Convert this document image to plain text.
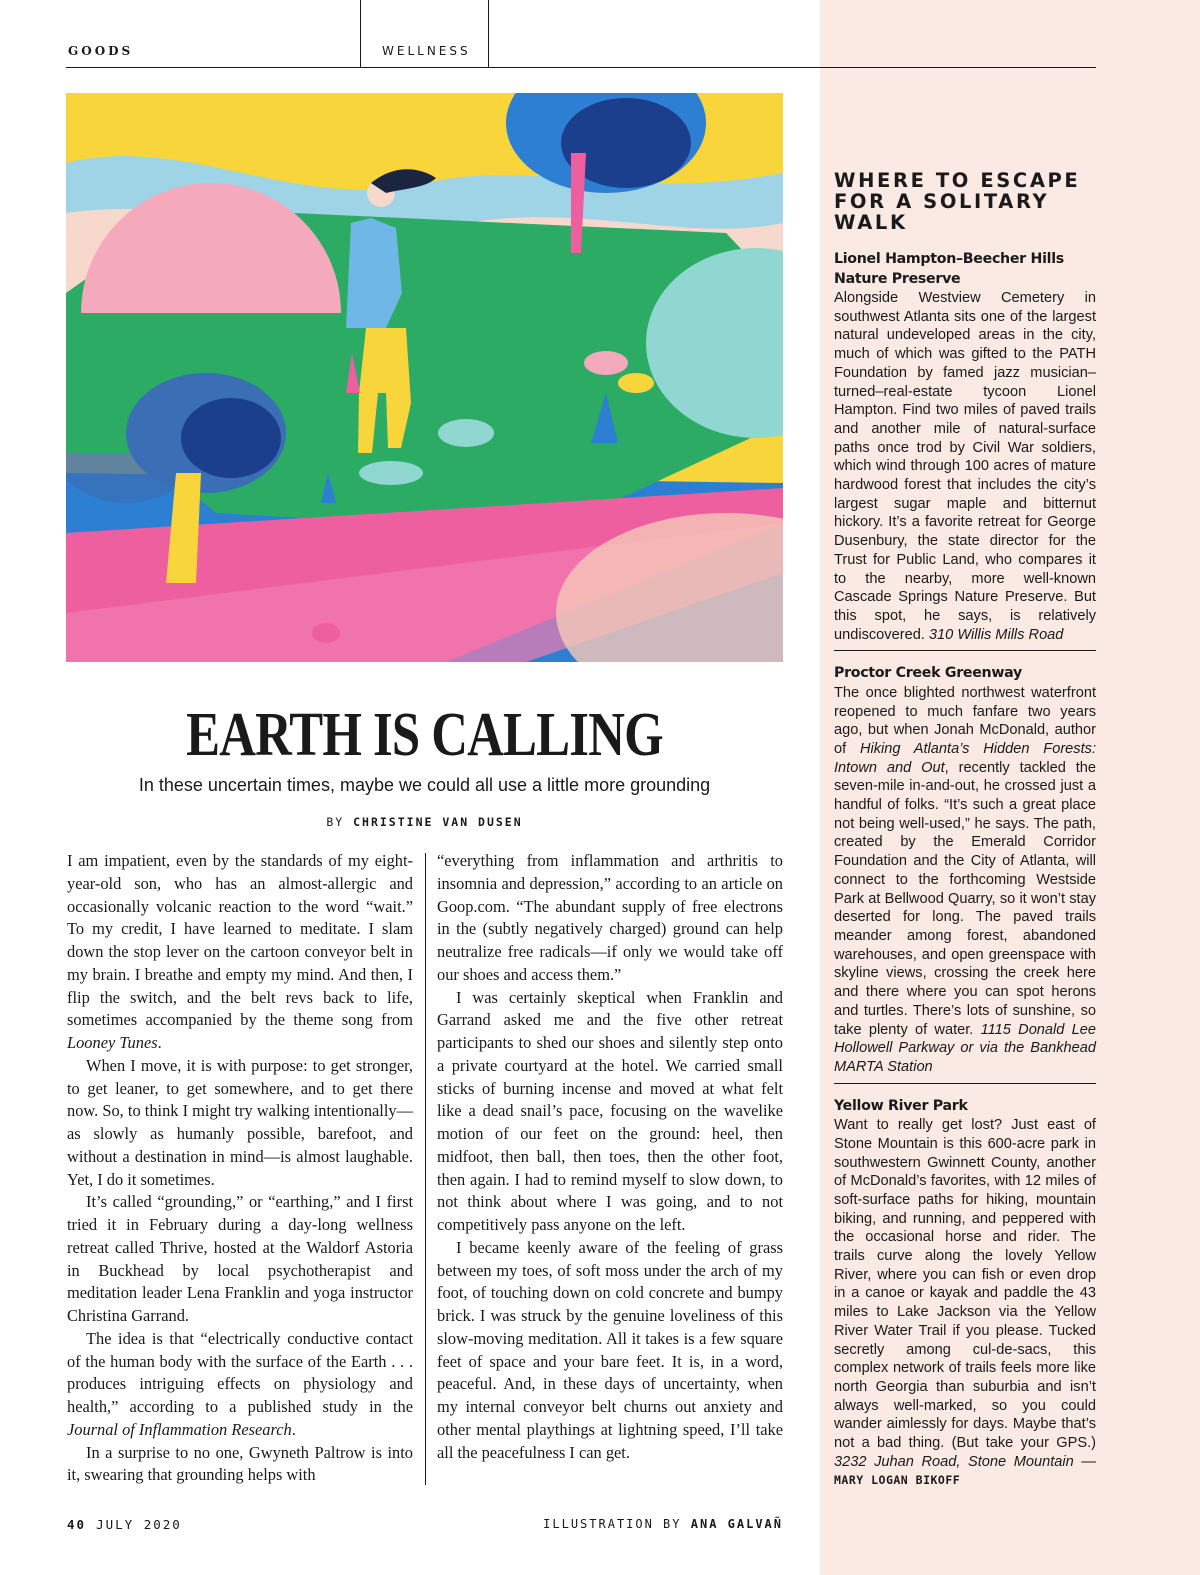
GOODS	WELLNESS
EARTH IS CALLING
In these uncertain times, maybe we could all use a little more grounding
BY CHRISTINE VAN DUSEN

I am impatient, even by the standards of my eight-year-old son, who has an almost-allergic and occasionally volcanic reaction to the word “wait.” To my credit, I have learned to meditate. I slam down the stop lever on the cartoon conveyor belt in my brain. I breathe and empty my mind. And then, I flip the switch, and the belt revs back to life, sometimes accompanied by the theme song from Looney Tunes.

When I move, it is with purpose: to get stronger, to get leaner, to get somewhere, and to get there now. So, to think I might try walking intentionally—as slowly as humanly possible, barefoot, and without a destination in mind—is almost laughable. Yet, I do it sometimes.

It’s called “grounding,” or “earthing,” and I first tried it in February during a day-long wellness retreat called Thrive, hosted at the Waldorf Astoria in Buckhead by local psychotherapist and meditation leader Lena Franklin and yoga instructor Christina Garrand.

The idea is that “electrically conductive contact of the human body with the surface of the Earth . . . produces intriguing effects on physiology and health,” according to a published study in the Journal of Inflammation Research.

In a surprise to no one, Gwyneth Paltrow is into it, swearing that grounding helps with

“everything from inflammation and arthritis to insomnia and depression,” according to an article on Goop.com. “The abundant supply of free electrons in the (subtly negatively charged) ground can help neutralize free radicals—if only we would take off our shoes and access them.”

I was certainly skeptical when Franklin and Garrand asked me and the five other retreat participants to shed our shoes and silently step onto a private courtyard at the hotel. We carried small sticks of burning incense and moved at what felt like a dead snail’s pace, focusing on the wavelike motion of our feet on the ground: heel, then midfoot, then ball, then toes, then the other foot, then again. I had to remind myself to slow down, to not think about where I was going, and to not competitively pass anyone on the left.

I became keenly aware of the feeling of grass between my toes, of soft moss under the arch of my foot, of touching down on cold concrete and bumpy brick. I was struck by the genuine loveliness of this slow-moving meditation. All it takes is a few square feet of space and your bare feet. It is, in a word, peaceful. And, in these days of uncertainty, when my internal conveyor belt churns out anxiety and other mental playthings at lightning speed, I’ll take all the peacefulness I can get.

40 JULY 2020	ILLUSTRATION BY ANA GALVAÑ
WHERE TO ESCAPE FOR A SOLITARY WALK
Lionel Hampton–Beecher Hills Nature Preserve
Alongside Westview Cemetery in southwest Atlanta sits one of the largest natural undeveloped areas in the city, much of which was gifted to the PATH Foundation by famed jazz musician–turned–real-estate tycoon Lionel Hampton. Find two miles of paved trails and another mile of natural-surface paths once trod by Civil War soldiers, which wind through 100 acres of mature hardwood forest that includes the city’s largest sugar maple and bitternut hickory. It’s a favorite retreat for George Dusenbury, the state director for the Trust for Public Land, who compares it to the nearby, more well-known Cascade Springs Nature Preserve. But this spot, he says, is relatively undiscovered. 310 Willis Mills Road
Proctor Creek Greenway
The once blighted northwest waterfront reopened to much fanfare two years ago, but when Jonah McDonald, author of Hiking Atlanta’s Hidden Forests: Intown and Out, recently tackled the seven-mile in-and-out, he crossed just a handful of folks. “It’s such a great place not being well-used,” he says. The path, created by the Emerald Corridor Foundation and the City of Atlanta, will connect to the forthcoming Westside Park at Bellwood Quarry, so it won’t stay deserted for long. The paved trails meander among forest, abandoned warehouses, and open greenspace with skyline views, crossing the creek here and there where you can spot herons and turtles. There’s lots of sunshine, so take plenty of water. 1115 Donald Lee Hollowell Parkway or via the Bankhead MARTA Station
Yellow River Park
Want to really get lost? Just east of Stone Mountain is this 600-acre park in southwestern Gwinnett County, another of McDonald’s favorites, with 12 miles of soft-surface paths for hiking, mountain biking, and running, and peppered with the occasional horse and rider. The trails curve along the lovely Yellow River, where you can fish or even drop in a canoe or kayak and paddle the 43 miles to Lake Jackson via the Yellow River Water Trail if you please. Tucked secretly among cul-de-sacs, this complex network of trails feels more like north Georgia than suburbia and isn’t always well-marked, so you could wander aimlessly for days. Maybe that’s not a bad thing. (But take your GPS.) 3232 Juhan Road, Stone Mountain —MARY LOGAN BIKOFF
